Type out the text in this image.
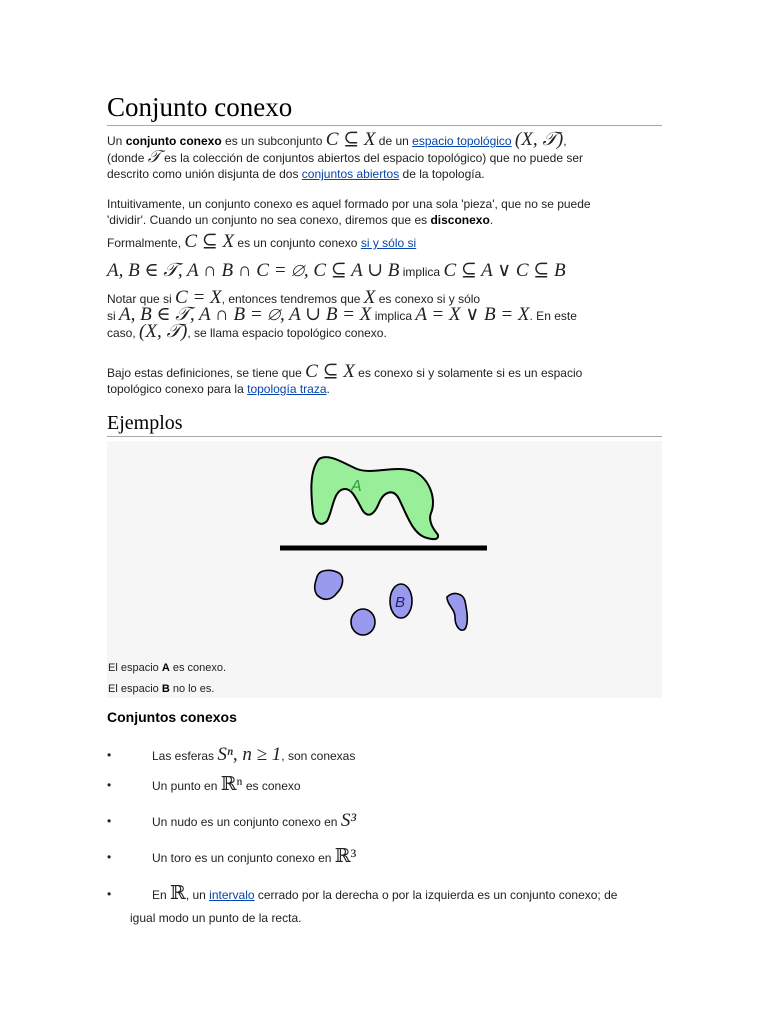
Conjunto conexo
Un conjunto conexo es un subconjunto C ⊆ X de un espacio topológico (X, 𝒯),
(donde 𝒯 es la colección de conjuntos abiertos del espacio topológico) que no puede ser
descrito como unión disjunta de dos conjuntos abiertos de la topología.
Intuitivamente, un conjunto conexo es aquel formado por una sola 'pieza', que no se puede
'dividir'. Cuando un conjunto no sea conexo, diremos que es disconexo.
Formalmente, C ⊆ X es un conjunto conexo si y sólo si
A, B ∈ 𝒯, A ∩ B ∩ C = ∅, C ⊆ A ∪ B implica C ⊆ A ∨ C ⊆ B
Notar que si C = X, entonces tendremos que X es conexo si y sólo
si A, B ∈ 𝒯, A ∩ B = ∅, A ∪ B = X implica A = X ∨ B = X. En este
caso, (X, 𝒯), se llama espacio topológico conexo.
Bajo estas definiciones, se tiene que C ⊆ X es conexo si y solamente si es un espacio
topológico conexo para la topología traza.
Ejemplos
A
B
El espacio A es conexo.
El espacio B no lo es.
Conjuntos conexos
•	Las esferas Sⁿ, n ≥ 1, son conexas
•	Un punto en ℝⁿ es conexo
•	Un nudo es un conjunto conexo en S³
•	Un toro es un conjunto conexo en ℝ³
•	En ℝ, un intervalo cerrado por la derecha o por la izquierda es un conjunto conexo; de
igual modo un punto de la recta.
